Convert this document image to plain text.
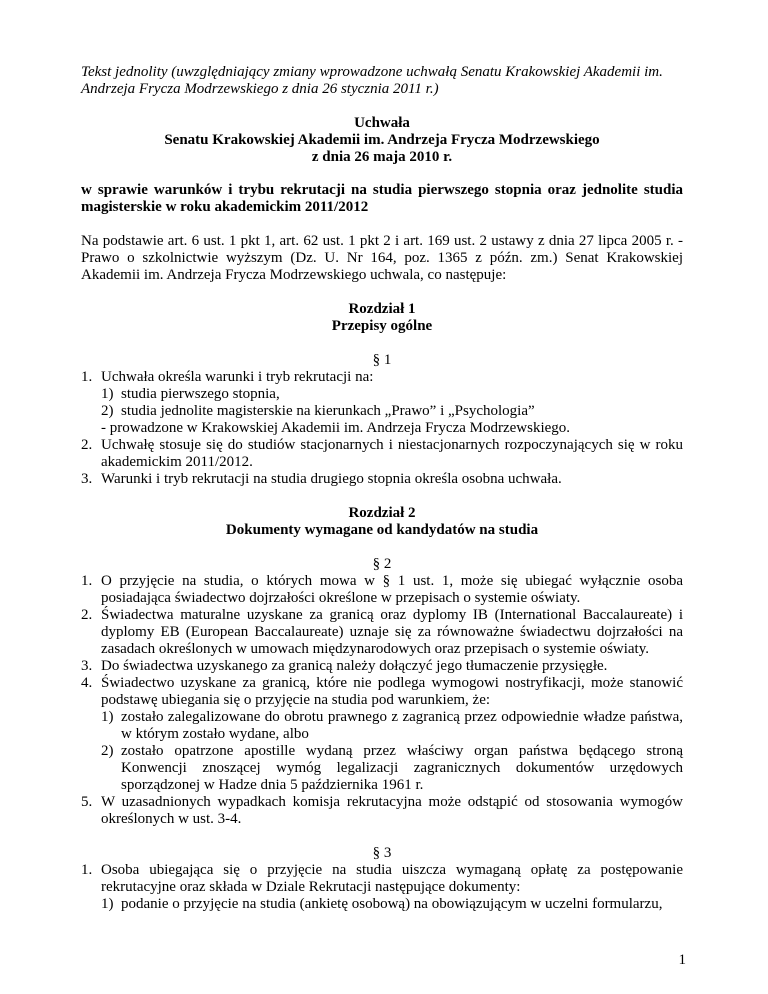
Tekst jednolity (uwzględniający zmiany wprowadzone uchwałą Senatu Krakowskiej Akademii im. Andrzeja Frycza Modrzewskiego z dnia 26 stycznia 2011 r.)

Uchwała
Senatu Krakowskiej Akademii im. Andrzeja Frycza Modrzewskiego
z dnia 26 maja 2010 r.

w sprawie warunków i trybu rekrutacji na studia pierwszego stopnia oraz jednolite studia magisterskie w roku akademickim 2011/2012

Na podstawie art. 6 ust. 1 pkt 1, art. 62 ust. 1 pkt 2 i art. 169 ust. 2 ustawy z dnia 27 lipca 2005 r. - Prawo o szkolnictwie wyższym (Dz. U. Nr 164, poz. 1365 z późn. zm.) Senat Krakowskiej Akademii im. Andrzeja Frycza Modrzewskiego uchwala, co następuje:

Rozdział 1
Przepisy ogólne
§ 1
1. Uchwała określa warunki i tryb rekrutacji na:
1) studia pierwszego stopnia,
2) studia jednolite magisterskie na kierunkach „Prawo” i „Psychologia”
- prowadzone w Krakowskiej Akademii im. Andrzeja Frycza Modrzewskiego.
2. Uchwałę stosuje się do studiów stacjonarnych i niestacjonarnych rozpoczynających się w roku akademickim 2011/2012.
3. Warunki i tryb rekrutacji na studia drugiego stopnia określa osobna uchwała.
Rozdział 2
Dokumenty wymagane od kandydatów na studia
§ 2
1. O przyjęcie na studia, o których mowa w § 1 ust. 1, może się ubiegać wyłącznie osoba posiadająca świadectwo dojrzałości określone w przepisach o systemie oświaty.
2. Świadectwa maturalne uzyskane za granicą oraz dyplomy IB (International Baccalaureate) i dyplomy EB (European Baccalaureate) uznaje się za równoważne świadectwu dojrzałości na zasadach określonych w umowach międzynarodowych oraz przepisach o systemie oświaty.
3. Do świadectwa uzyskanego za granicą należy dołączyć jego tłumaczenie przysięgłe.
4. Świadectwo uzyskane za granicą, które nie podlega wymogowi nostryfikacji, może stanowić podstawę ubiegania się o przyjęcie na studia pod warunkiem, że:
1) zostało zalegalizowane do obrotu prawnego z zagranicą przez odpowiednie władze państwa, w którym zostało wydane, albo
2) zostało opatrzone apostille wydaną przez właściwy organ państwa będącego stroną Konwencji znoszącej wymóg legalizacji zagranicznych dokumentów urzędowych sporządzonej w Hadze dnia 5 października 1961 r.
5. W uzasadnionych wypadkach komisja rekrutacyjna może odstąpić od stosowania wymogów określonych w ust. 3-4.
§ 3
1. Osoba ubiegająca się o przyjęcie na studia uiszcza wymaganą opłatę za postępowanie rekrutacyjne oraz składa w Dziale Rekrutacji następujące dokumenty:
1) podanie o przyjęcie na studia (ankietę osobową) na obowiązującym w uczelni formularzu,
1
